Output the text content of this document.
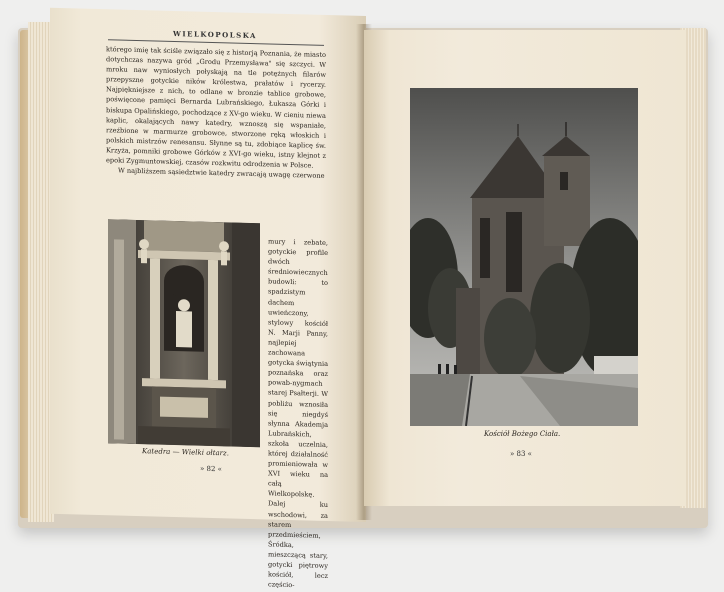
WIELKOPOLSKA

którego imię tak ściśle związało się z historją Poznania, że miasto dotychczas nazywa gród „Grodu Przemysława" się szczyci. W mroku naw wyniosłych połyskają na tle potężnych filarów przepyszne gotyckie ników królestwa, prałatów i rycerzy. Najpiękniejsze z nich, to odlane w bronzie tablice grobowe, poświęcone pamięci Bernarda Lubrańskiego, Łukasza Górki i biskupa Opalińskiego, pochodzące z XV-go wieku. W cieniu niewa kaplic, okalających nawy katedry, wznoszą się wspaniałe, rzeźbione w marmurze grobowce, stworzone ręką włoskich i polskich mistrzów renesansu. Słynne są tu, zdobiące kaplicę św. Krzyża, pomniki grobowe Górków z XVI-go wieku, istny klejnot z epoki Zygmuntowskiej, czasów rozkwitu odrodzenia w Polsce.

W najbliższem sąsiedztwie katedry zwracają uwagę czerwone

mury i zebate, gotyckie profile dwóch średniowiecznych budowli: to spadzistym dachem uwieńczony, stylowy kościół N. Marji Panny, najlepiej zachowana gotycka świątynia poznańska oraz powab-nygmach starej Psałterji. W pobliżu wznosiła się niegdyś słynna Akademja Lubrańskich, szkoła uczelnia, której działalność promieniowała w XVI wieku na całą Wielkopolskę. Dalej ku wschodowi, za starem przedmieściem, Śródka, mieszczącą stary, gotycki piętrowy kościół, lecz częścio-

Katedra — Wielki ołtarz.
» 82 «
Kościół Bożego Ciała.
» 83 «
